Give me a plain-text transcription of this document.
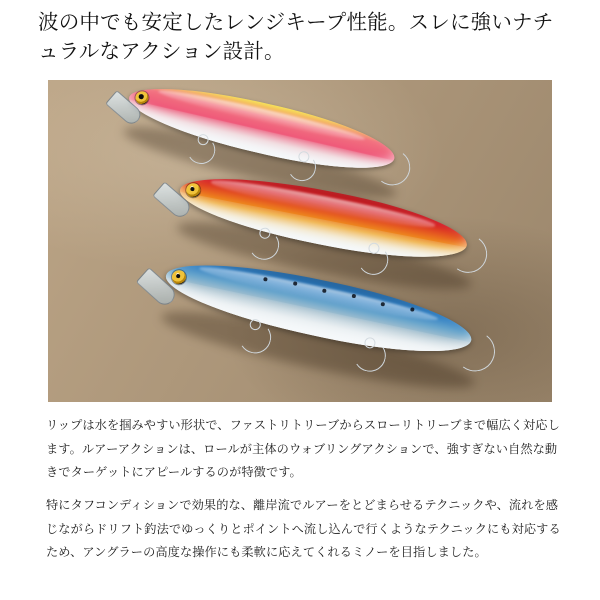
波の中でも安定したレンジキープ性能。スレに強いナチュラルなアクション設計。

リップは水を掴みやすい形状で、ファストリトリーブからスローリトリーブまで幅広く対応します。ルアーアクションは、ロールが主体のウォブリングアクションで、強すぎない自然な動きでターゲットにアピールするのが特徴です。

特にタフコンディションで効果的な、離岸流でルアーをとどまらせるテクニックや、流れを感じながらドリフト釣法でゆっくりとポイントへ流し込んで行くようなテクニックにも対応するため、アングラーの高度な操作にも柔軟に応えてくれるミノーを目指しました。
